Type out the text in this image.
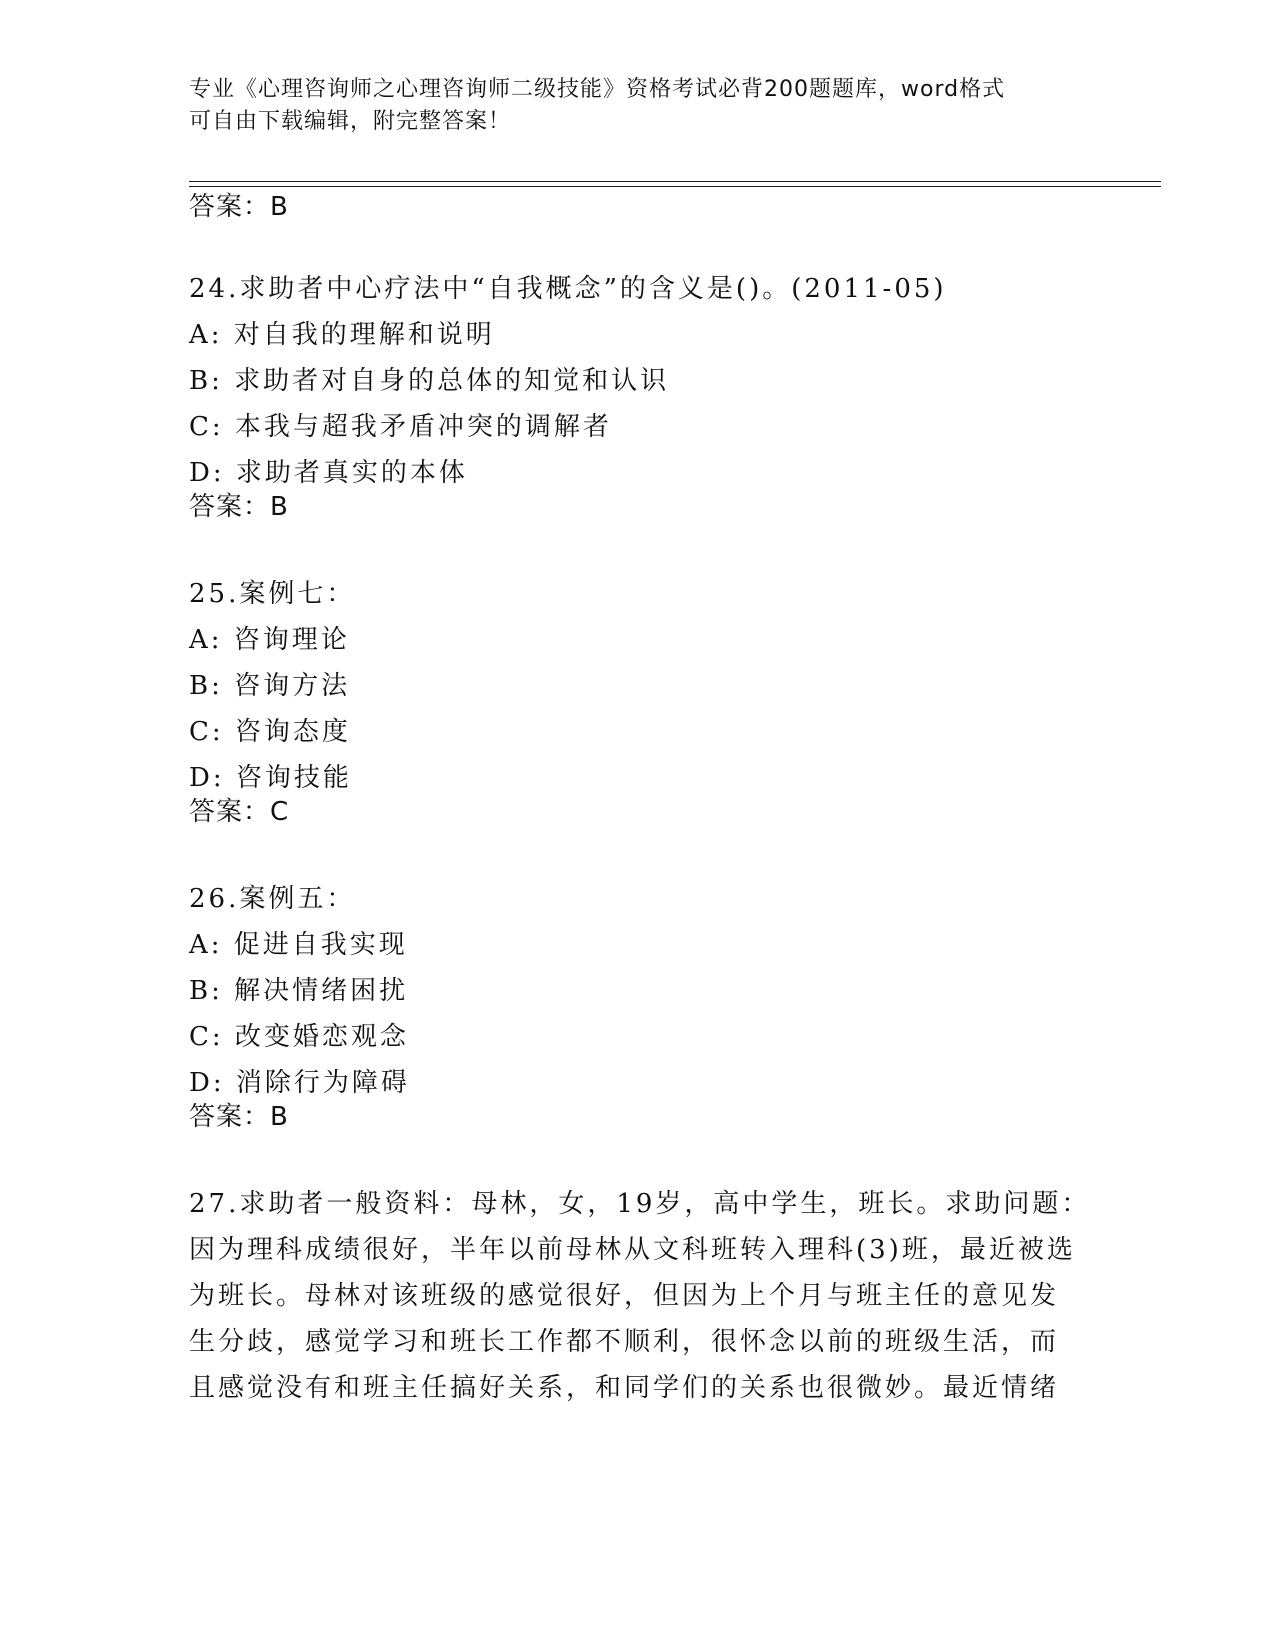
专业《心理咨询师之心理咨询师二级技能》资格考试必背200题题库，word格式
可自由下载编辑，附完整答案！
答案：B
24.求助者中心疗法中“自我概念”的含义是()。(2011-05)
A: 对自我的理解和说明
B: 求助者对自身的总体的知觉和认识
C: 本我与超我矛盾冲突的调解者
D: 求助者真实的本体
答案：B
25.案例七：
A: 咨询理论
B: 咨询方法
C: 咨询态度
D: 咨询技能
答案：C
26.案例五：
A: 促进自我实现
B: 解决情绪困扰
C: 改变婚恋观念
D: 消除行为障碍
答案：B
27.求助者一般资料：母林，女，19岁，高中学生，班长。求助问题：
因为理科成绩很好，半年以前母林从文科班转入理科(3)班，最近被选
为班长。母林对该班级的感觉很好，但因为上个月与班主任的意见发
生分歧，感觉学习和班长工作都不顺利，很怀念以前的班级生活，而
且感觉没有和班主任搞好关系，和同学们的关系也很微妙。最近情绪
